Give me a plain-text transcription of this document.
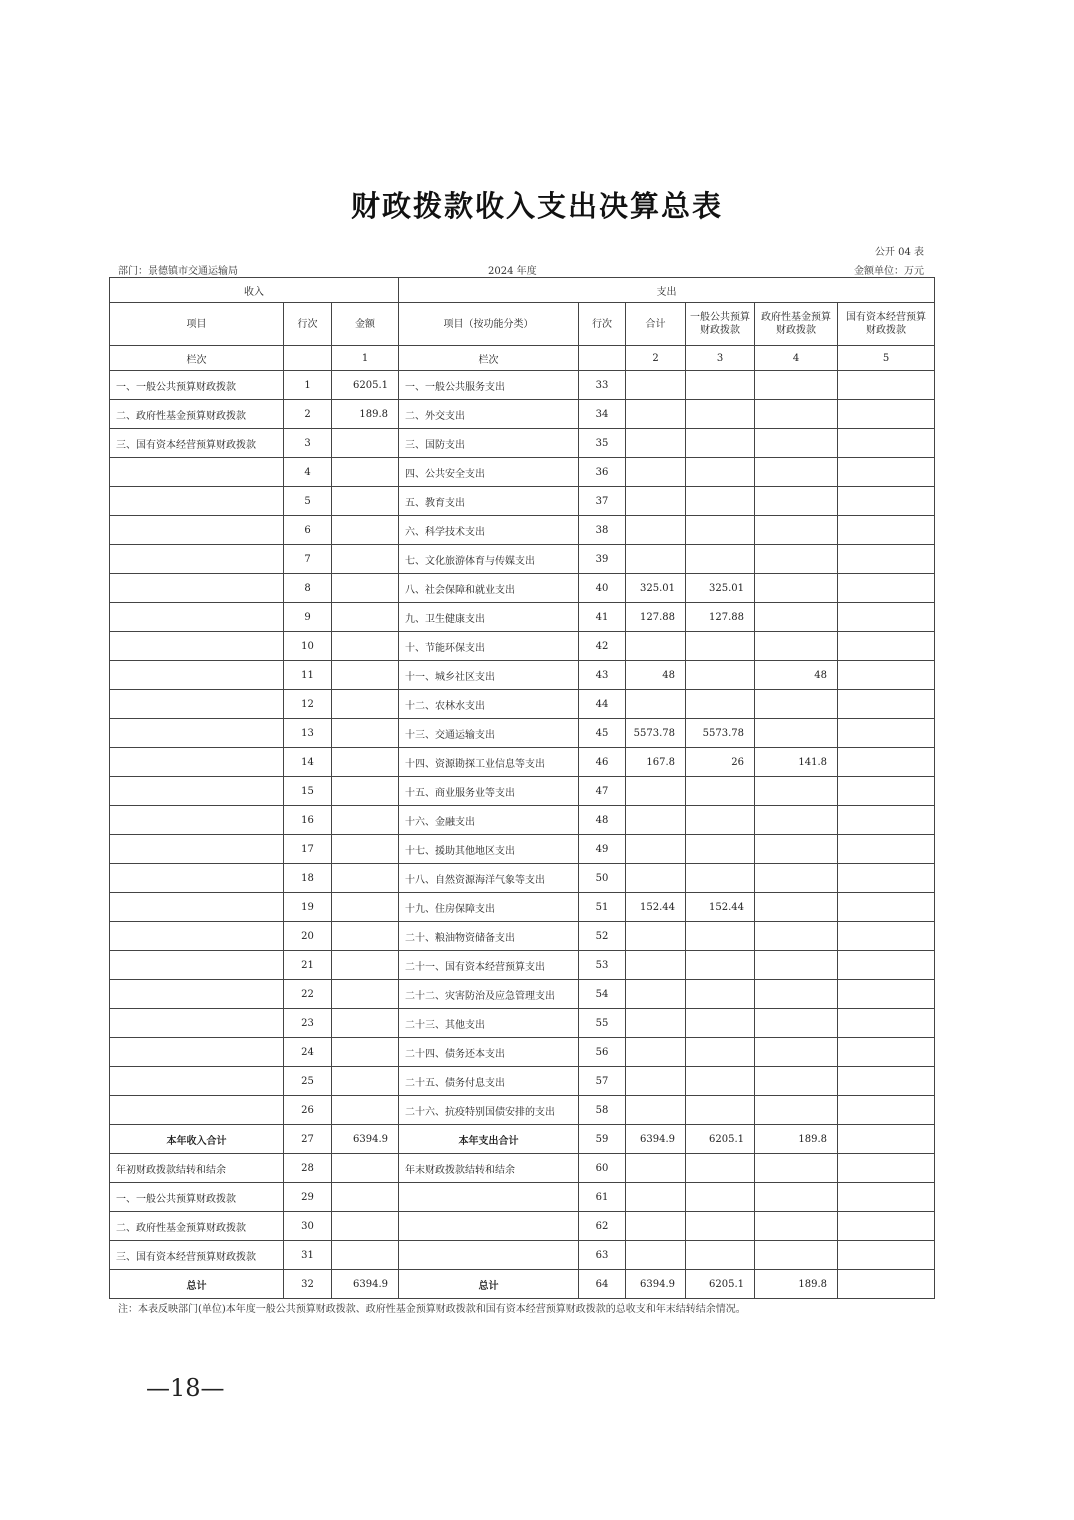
财政拨款收入支出决算总表
公开 04 表
部门：景德镇市交通运输局	2024 年度	金额单位：万元
收入			支出					
项目	行次	金额	项目（按功能分类）	行次	合计	一般公共预算财政拨款	政府性基金预算财政拨款	国有资本经营预算财政拨款
栏次		1	栏次		2	3	4	5
一、一般公共预算财政拨款	1	6205.1	一、一般公共服务支出	33				
二、政府性基金预算财政拨款	2	189.8	二、外交支出	34				
三、国有资本经营预算财政拨款	3		三、国防支出	35				
	4		四、公共安全支出	36				
	5		五、教育支出	37				
	6		六、科学技术支出	38				
	7		七、文化旅游体育与传媒支出	39				
	8		八、社会保障和就业支出	40	325.01	325.01		
	9		九、卫生健康支出	41	127.88	127.88		
	10		十、节能环保支出	42				
	11		十一、城乡社区支出	43	48		48	
	12		十二、农林水支出	44				
	13		十三、交通运输支出	45	5573.78	5573.78		
	14		十四、资源勘探工业信息等支出	46	167.8	26	141.8	
	15		十五、商业服务业等支出	47				
	16		十六、金融支出	48				
	17		十七、援助其他地区支出	49				
	18		十八、自然资源海洋气象等支出	50				
	19		十九、住房保障支出	51	152.44	152.44		
	20		二十、粮油物资储备支出	52				
	21		二十一、国有资本经营预算支出	53				
	22		二十二、灾害防治及应急管理支出	54				
	23		二十三、其他支出	55				
	24		二十四、债务还本支出	56				
	25		二十五、债务付息支出	57				
	26		二十六、抗疫特别国债安排的支出	58				
本年收入合计	27	6394.9	本年支出合计	59	6394.9	6205.1	189.8	
年初财政拨款结转和结余	28		年末财政拨款结转和结余	60				
一、一般公共预算财政拨款	29			61				
二、政府性基金预算财政拨款	30			62				
三、国有资本经营预算财政拨款	31			63				
总计	32	6394.9	总计	64	6394.9	6205.1	189.8	
注：本表反映部门(单位)本年度一般公共预算财政拨款、政府性基金预算财政拨款和国有资本经营预算财政拨款的总收支和年末结转结余情况。
—18—
